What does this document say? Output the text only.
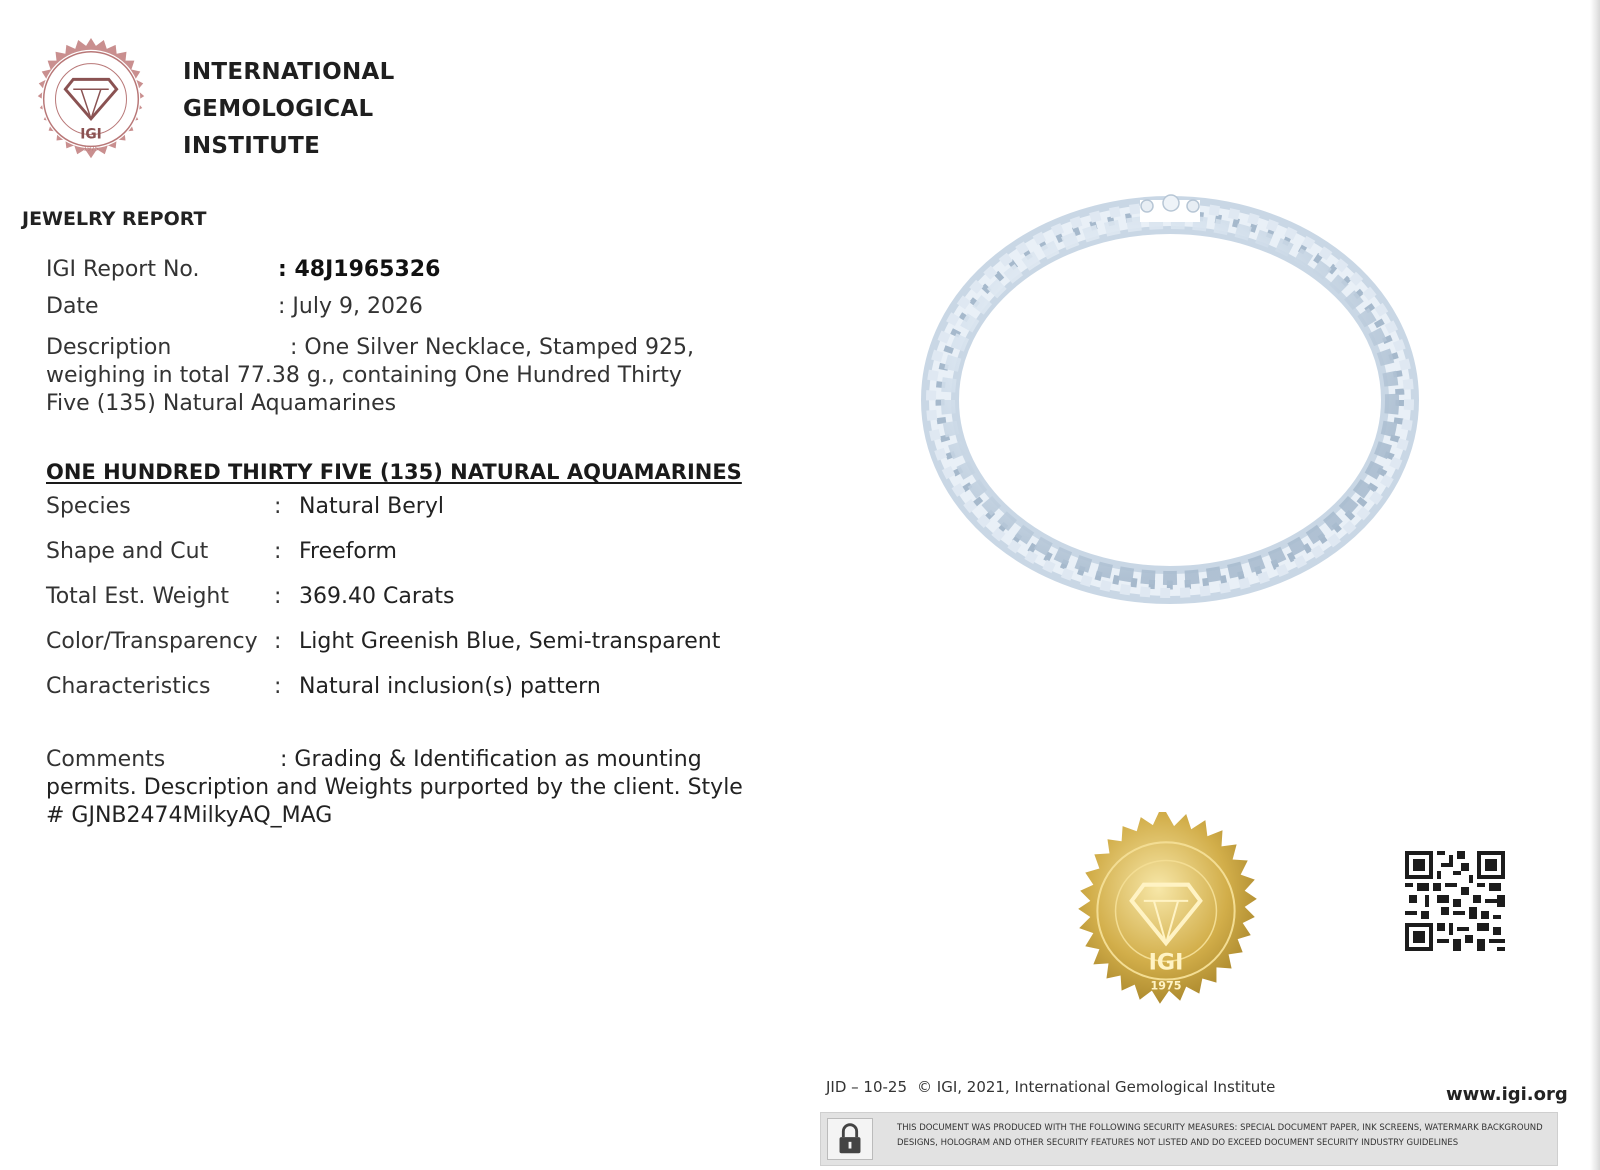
IGI
1975
INTERNATIONAL
GEMOLOGICAL
INSTITUTE
JEWELRY REPORT
IGI Report No.	: 48J1965326
Date	: July 9, 2026
Description	: One Silver Necklace, Stamped 925, weighing in total 77.38 g., containing One Hundred Thirty Five (135) Natural Aquamarines
ONE HUNDRED THIRTY FIVE (135) NATURAL AQUAMARINES
Species	: Natural Beryl
Shape and Cut	: Freeform
Total Est. Weight : 369.40 Carats
Color/Transparency : Light Greenish Blue, Semi-transparent
Characteristics	: Natural inclusion(s) pattern
Comments	: Grading & Identification as mounting permits. Description and Weights purported by the client. Style # GJNB2474MilkyAQ_MAG
IGI
1975
JID – 10-25 © IGI, 2021, International Gemological Institute	www.igi.org
THIS DOCUMENT WAS PRODUCED WITH THE FOLLOWING SECURITY MEASURES: SPECIAL DOCUMENT PAPER, INK SCREENS, WATERMARK BACKGROUND DESIGNS, HOLOGRAM AND OTHER SECURITY FEATURES NOT LISTED AND DO EXCEED DOCUMENT SECURITY INDUSTRY GUIDELINES
